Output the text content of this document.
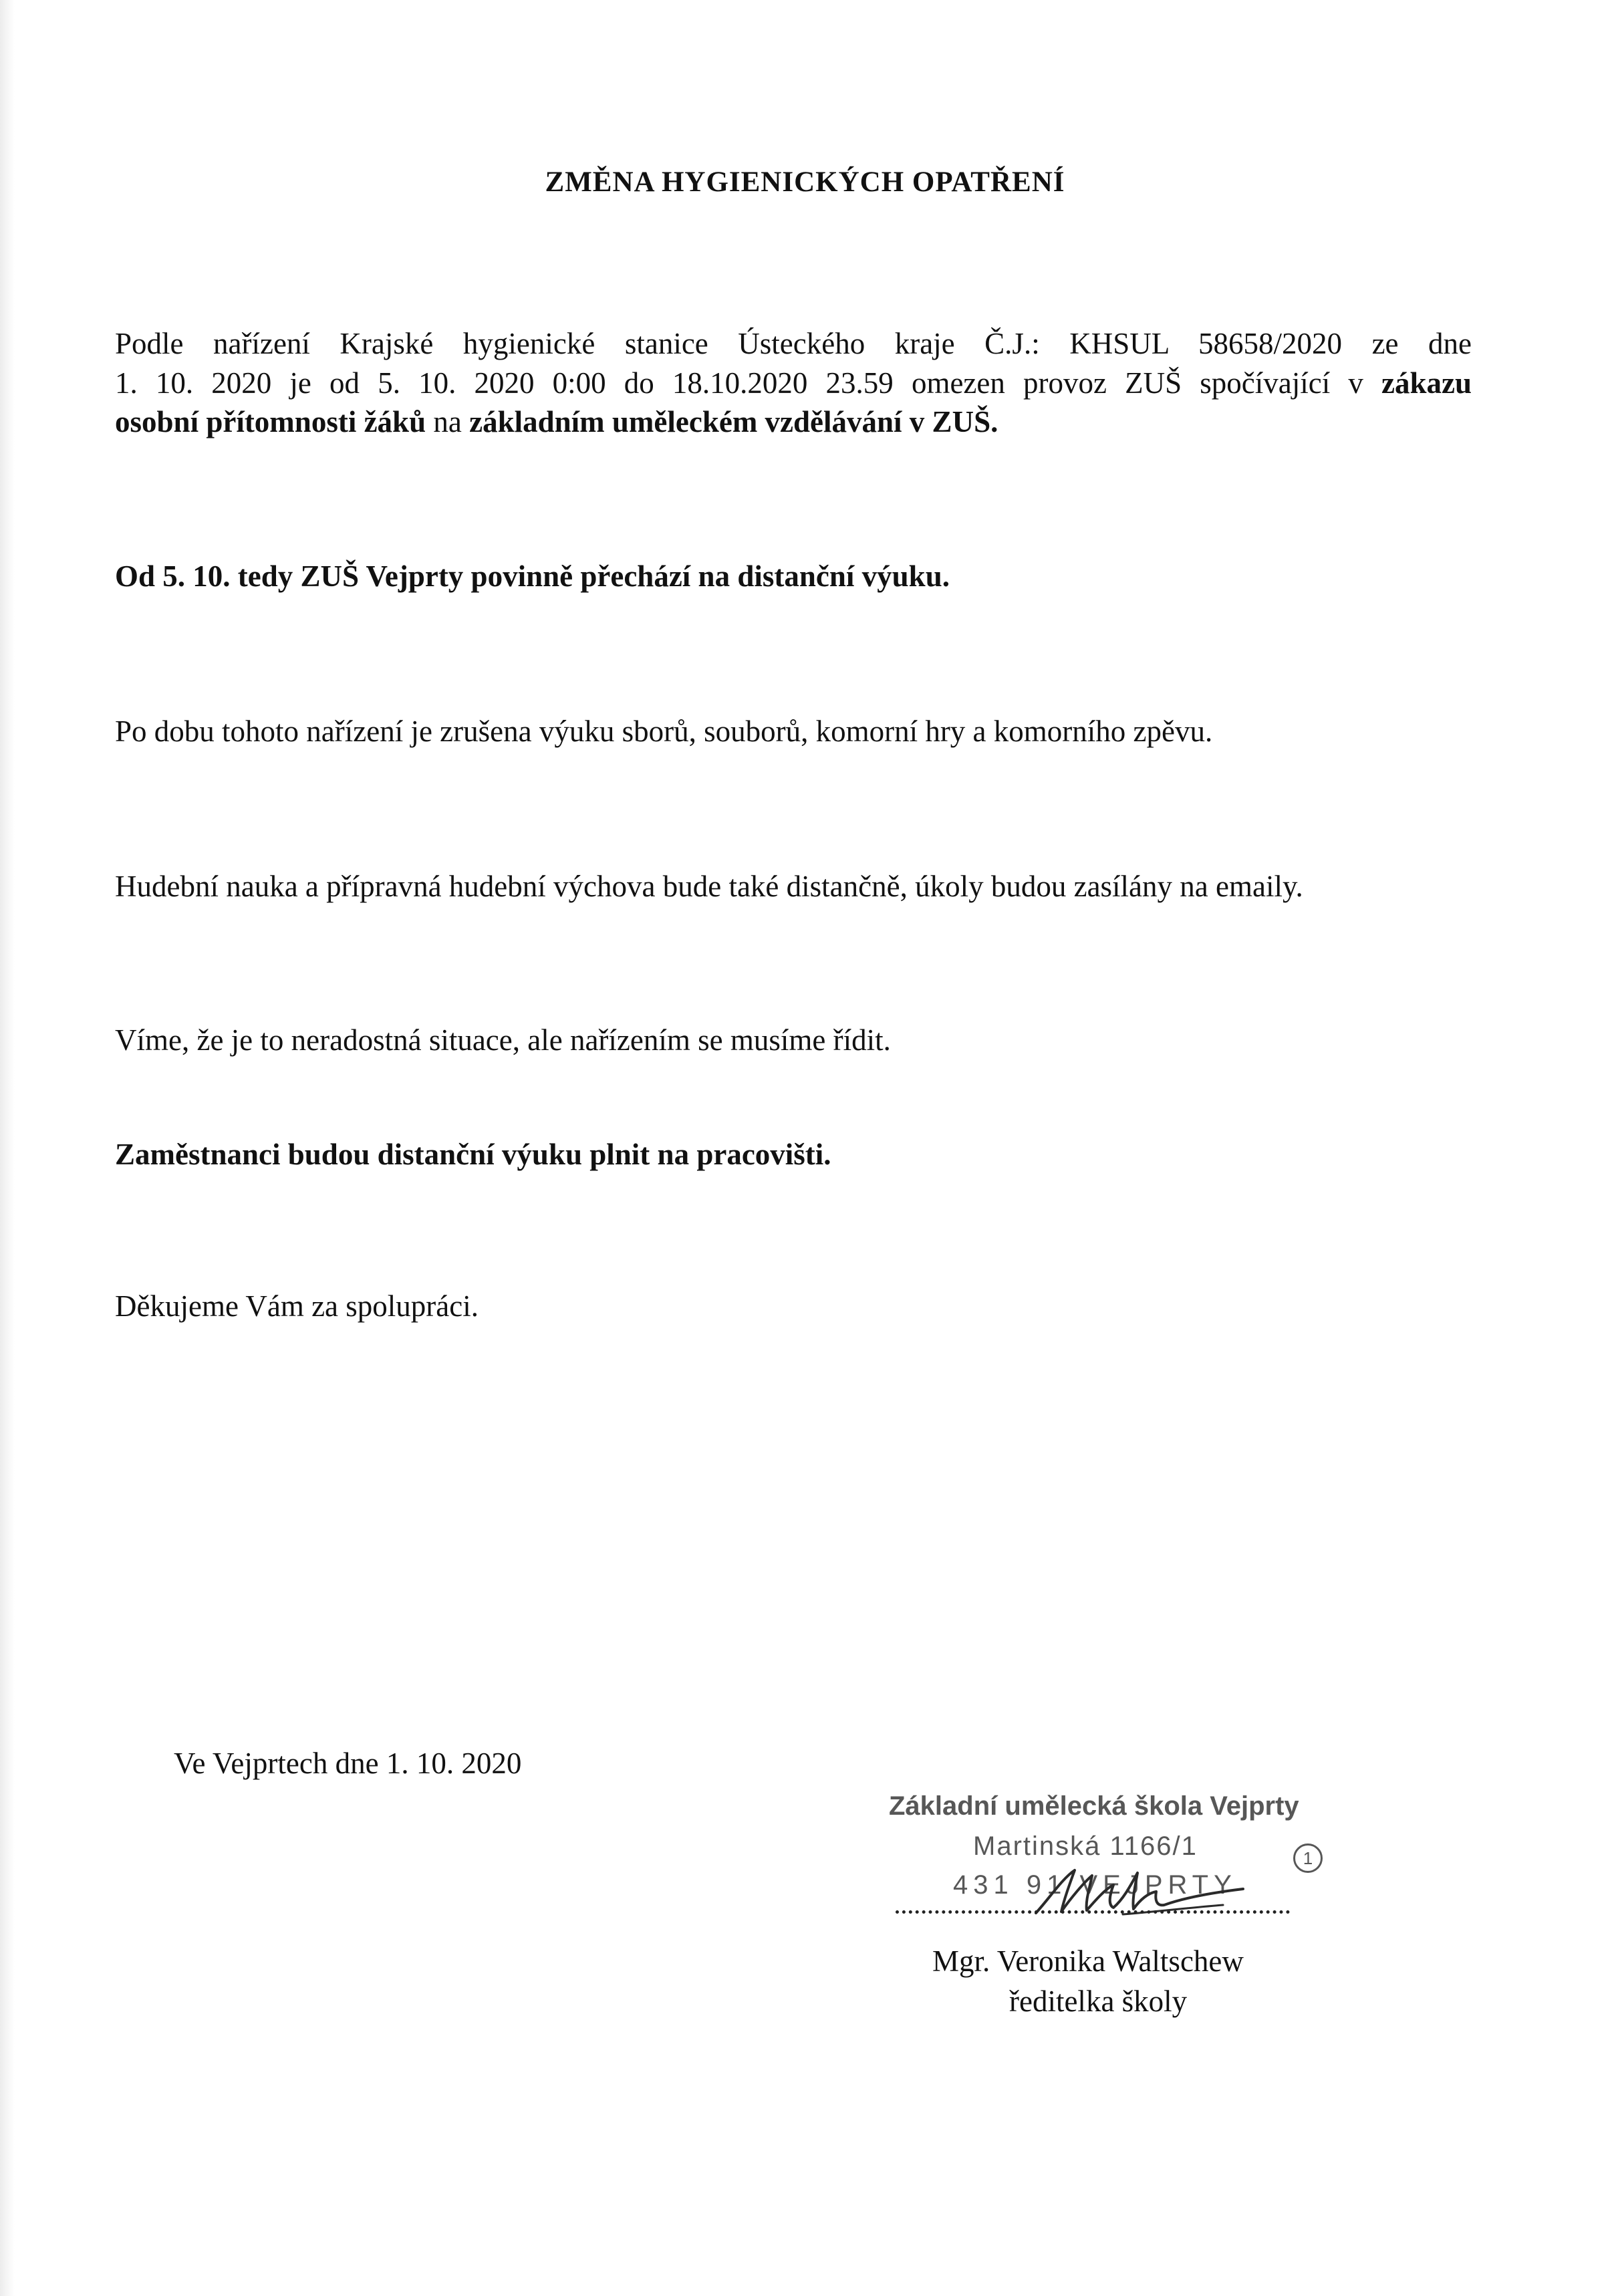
ZMĚNA HYGIENICKÝCH OPATŘENÍ
Podle nařízení Krajské hygienické stanice Ústeckého kraje Č.J.: KHSUL 58658/2020 ze dne
1. 10. 2020 je od 5. 10. 2020 0:00 do 18.10.2020 23.59 omezen provoz ZUŠ spočívající v zákazu
osobní přítomnosti žáků na základním uměleckém vzdělávání v ZUŠ.
Od 5. 10. tedy ZUŠ Vejprty povinně přechází na distanční výuku.
Po dobu tohoto nařízení je zrušena výuku sborů, souborů, komorní hry a komorního zpěvu.
Hudební nauka a přípravná hudební výchova bude také distančně, úkoly budou zasílány na emaily.
Víme, že je to neradostná situace, ale nařízením se musíme řídit.
Zaměstnanci budou distanční výuku plnit na pracovišti.
Děkujeme Vám za spolupráci.
Ve Vejprtech dne 1. 10. 2020
Základní umělecká škola Vejprty
Martinská 1166/1
431 91 VEJPRTY
1
Mgr. Veronika Waltschew
ředitelka školy
